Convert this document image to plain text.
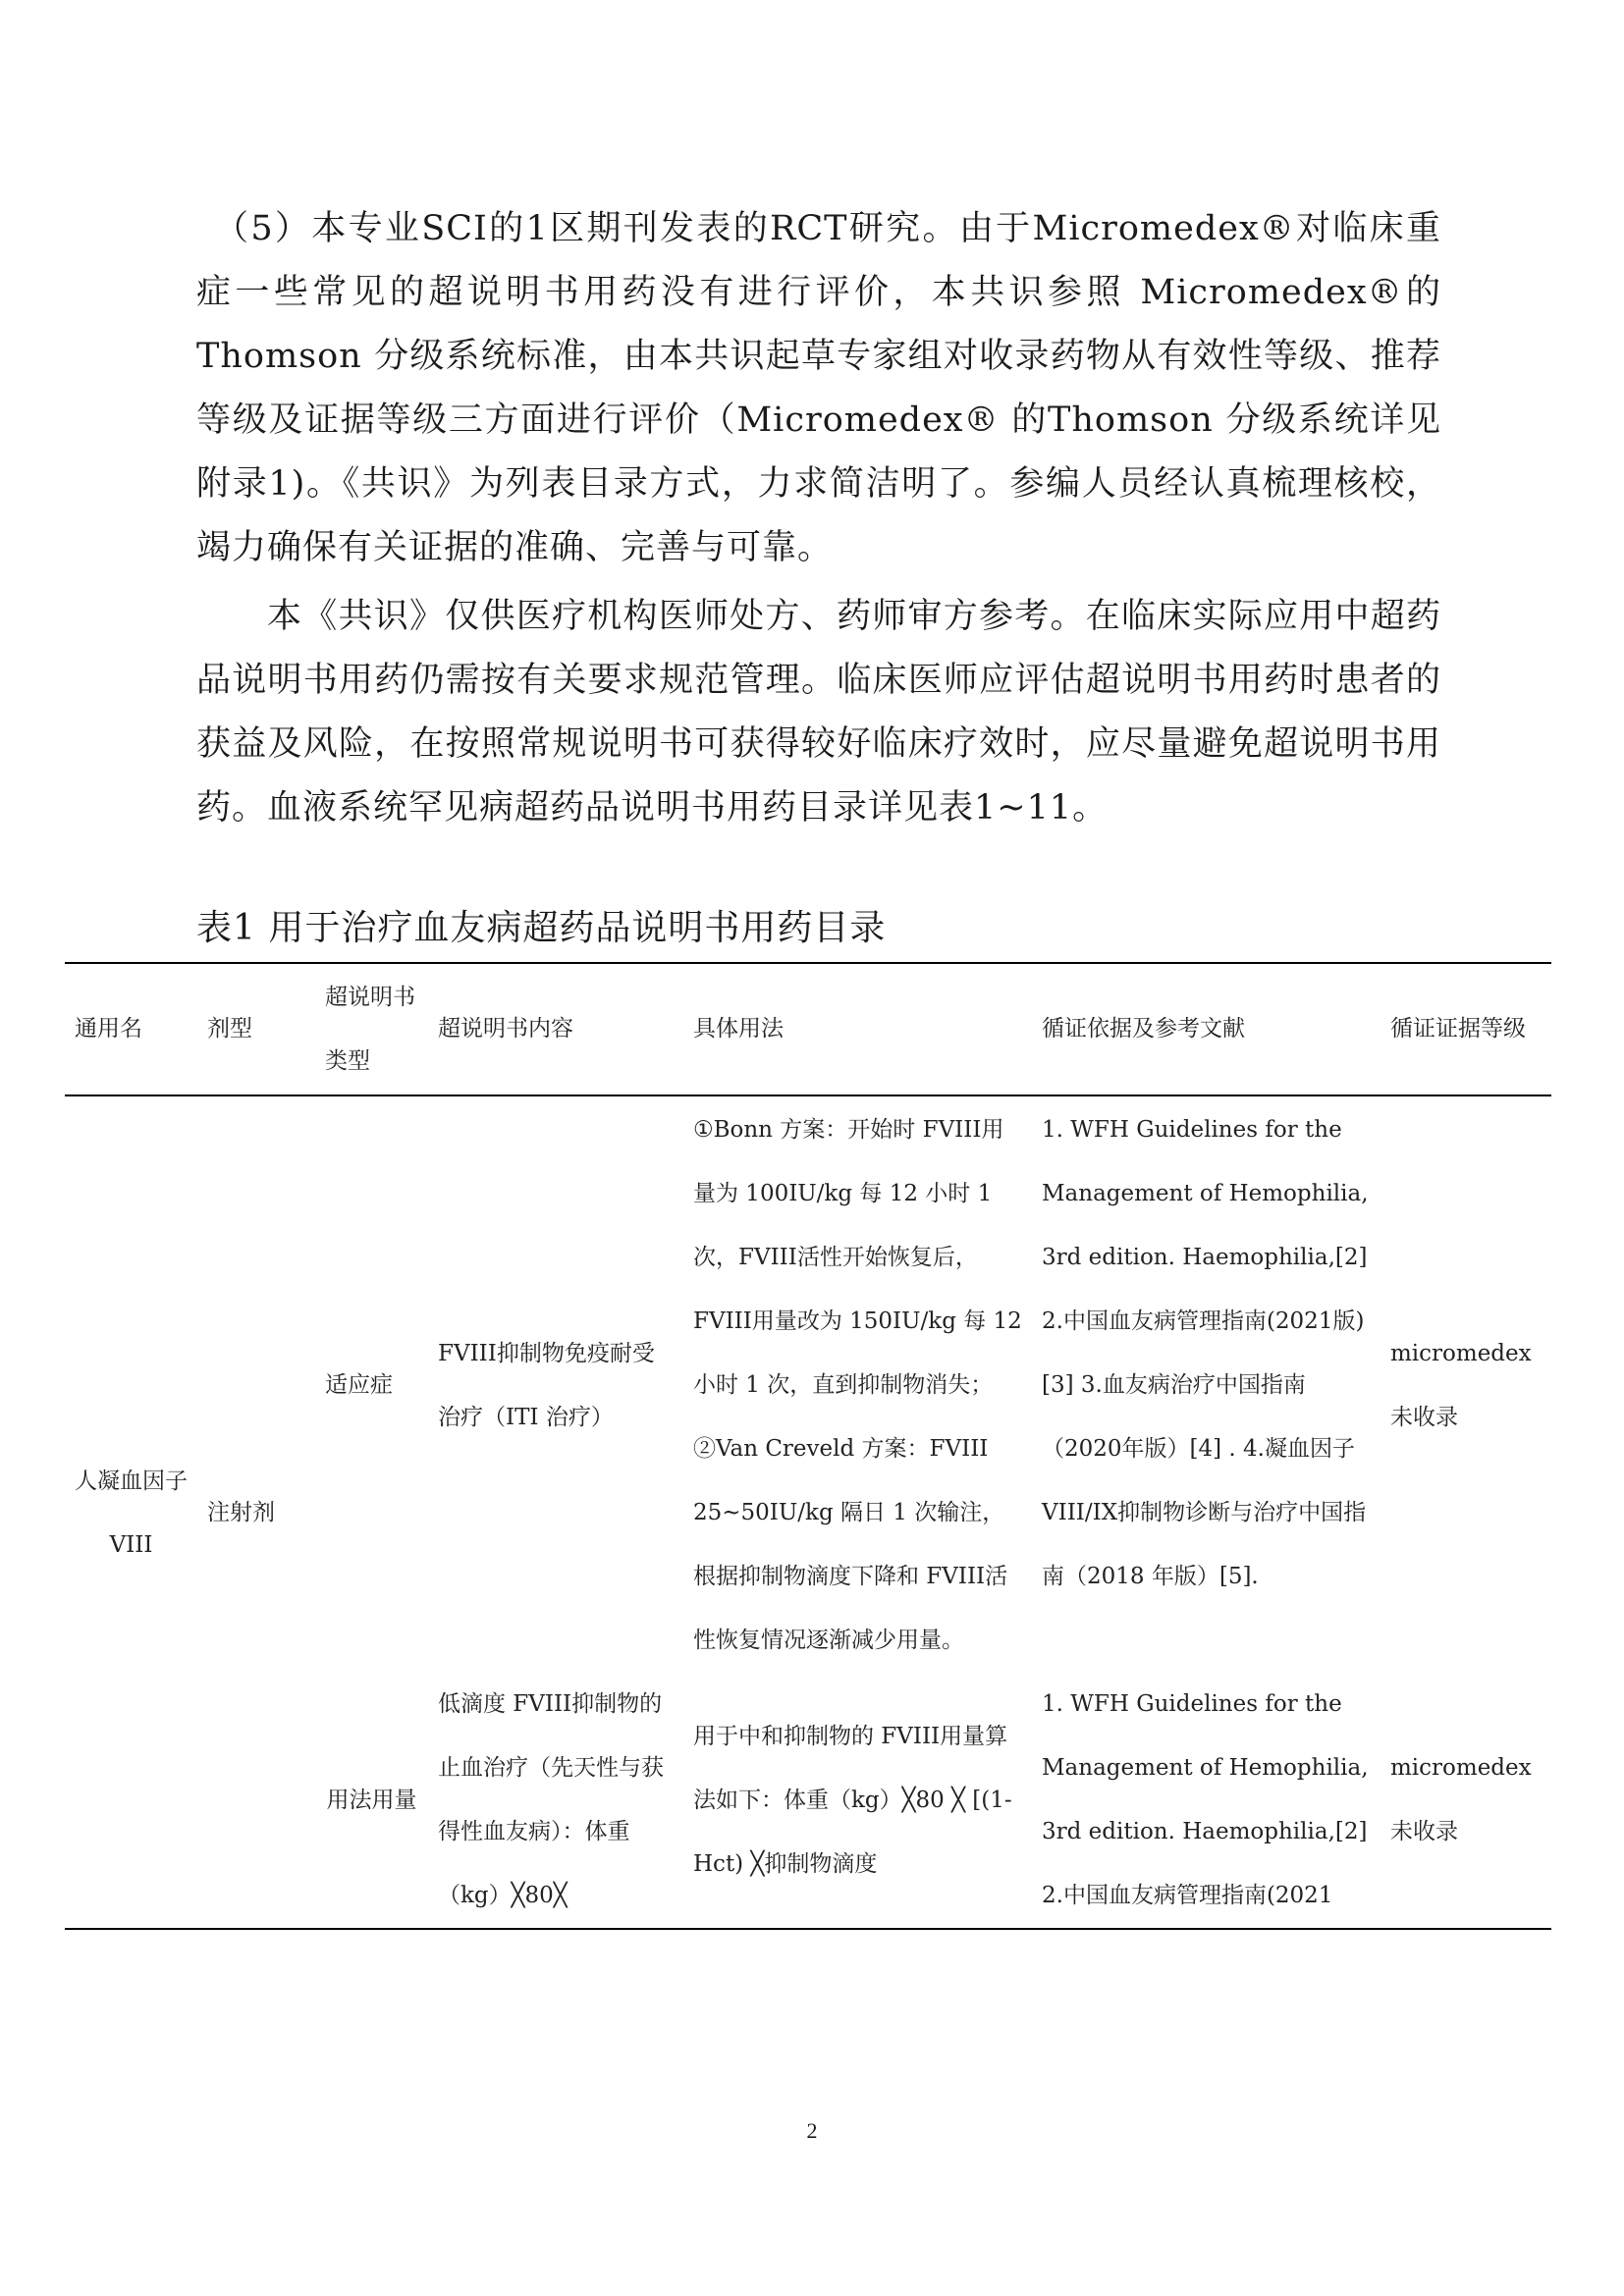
（5）本专业SCI的1区期刊发表的RCT研究。由于Micromedex®对临床重症一些常见的超说明书用药没有进行评价，本共识参照 Micromedex®的Thomson 分级系统标准，由本共识起草专家组对收录药物从有效性等级、推荐等级及证据等级三方面进行评价（Micromedex® 的Thomson 分级系统详见附录1)。《共识》为列表目录方式，力求简洁明了。参编人员经认真梳理核校，竭力确保有关证据的准确、完善与可靠。

本《共识》仅供医疗机构医师处方、药师审方参考。在临床实际应用中超药品说明书用药仍需按有关要求规范管理。临床医师应评估超说明书用药时患者的获益及风险，在按照常规说明书可获得较好临床疗效时，应尽量避免超说明书用药。血液系统罕见病超药品说明书用药目录详见表1~11。

表1 用于治疗血友病超药品说明书用药目录

通用名	剂型	超说明书类型	超说明书内容	具体用法	循证依据及参考文献	循证证据等级
人凝血因子VIII	注射剂	适应症	FVIII抑制物免疫耐受治疗（ITI 治疗）	①Bonn 方案：开始时 FVIII用量为 100IU/kg 每 12 小时 1次，FVIII活性开始恢复后，FVIII用量改为 150IU/kg 每 12小时 1 次，直到抑制物消失；②Van Creveld 方案：FVIII 25~50IU/kg 隔日 1 次输注，根据抑制物滴度下降和 FVIII活性恢复情况逐渐减少用量。	1. WFH Guidelines for the Management of Hemophilia, 3rd edition. Haemophilia,[2] 2.中国血友病管理指南(2021版)[3] 3.血友病治疗中国指南（2020年版）[4] . 4.凝血因子VIII/IX抑制物诊断与治疗中国指南（2018 年版）[5].	micromedex未收录
		用法用量	低滴度 FVIII抑制物的止血治疗（先天性与获得性血友病）：体重（kg）╳80╳	用于中和抑制物的 FVIII用量算法如下：体重（kg）╳80 ╳ [(1-Hct) ╳抑制物滴度	1. WFH Guidelines for the Management of Hemophilia, 3rd edition. Haemophilia,[2] 2.中国血友病管理指南(2021	micromedex未收录

2
